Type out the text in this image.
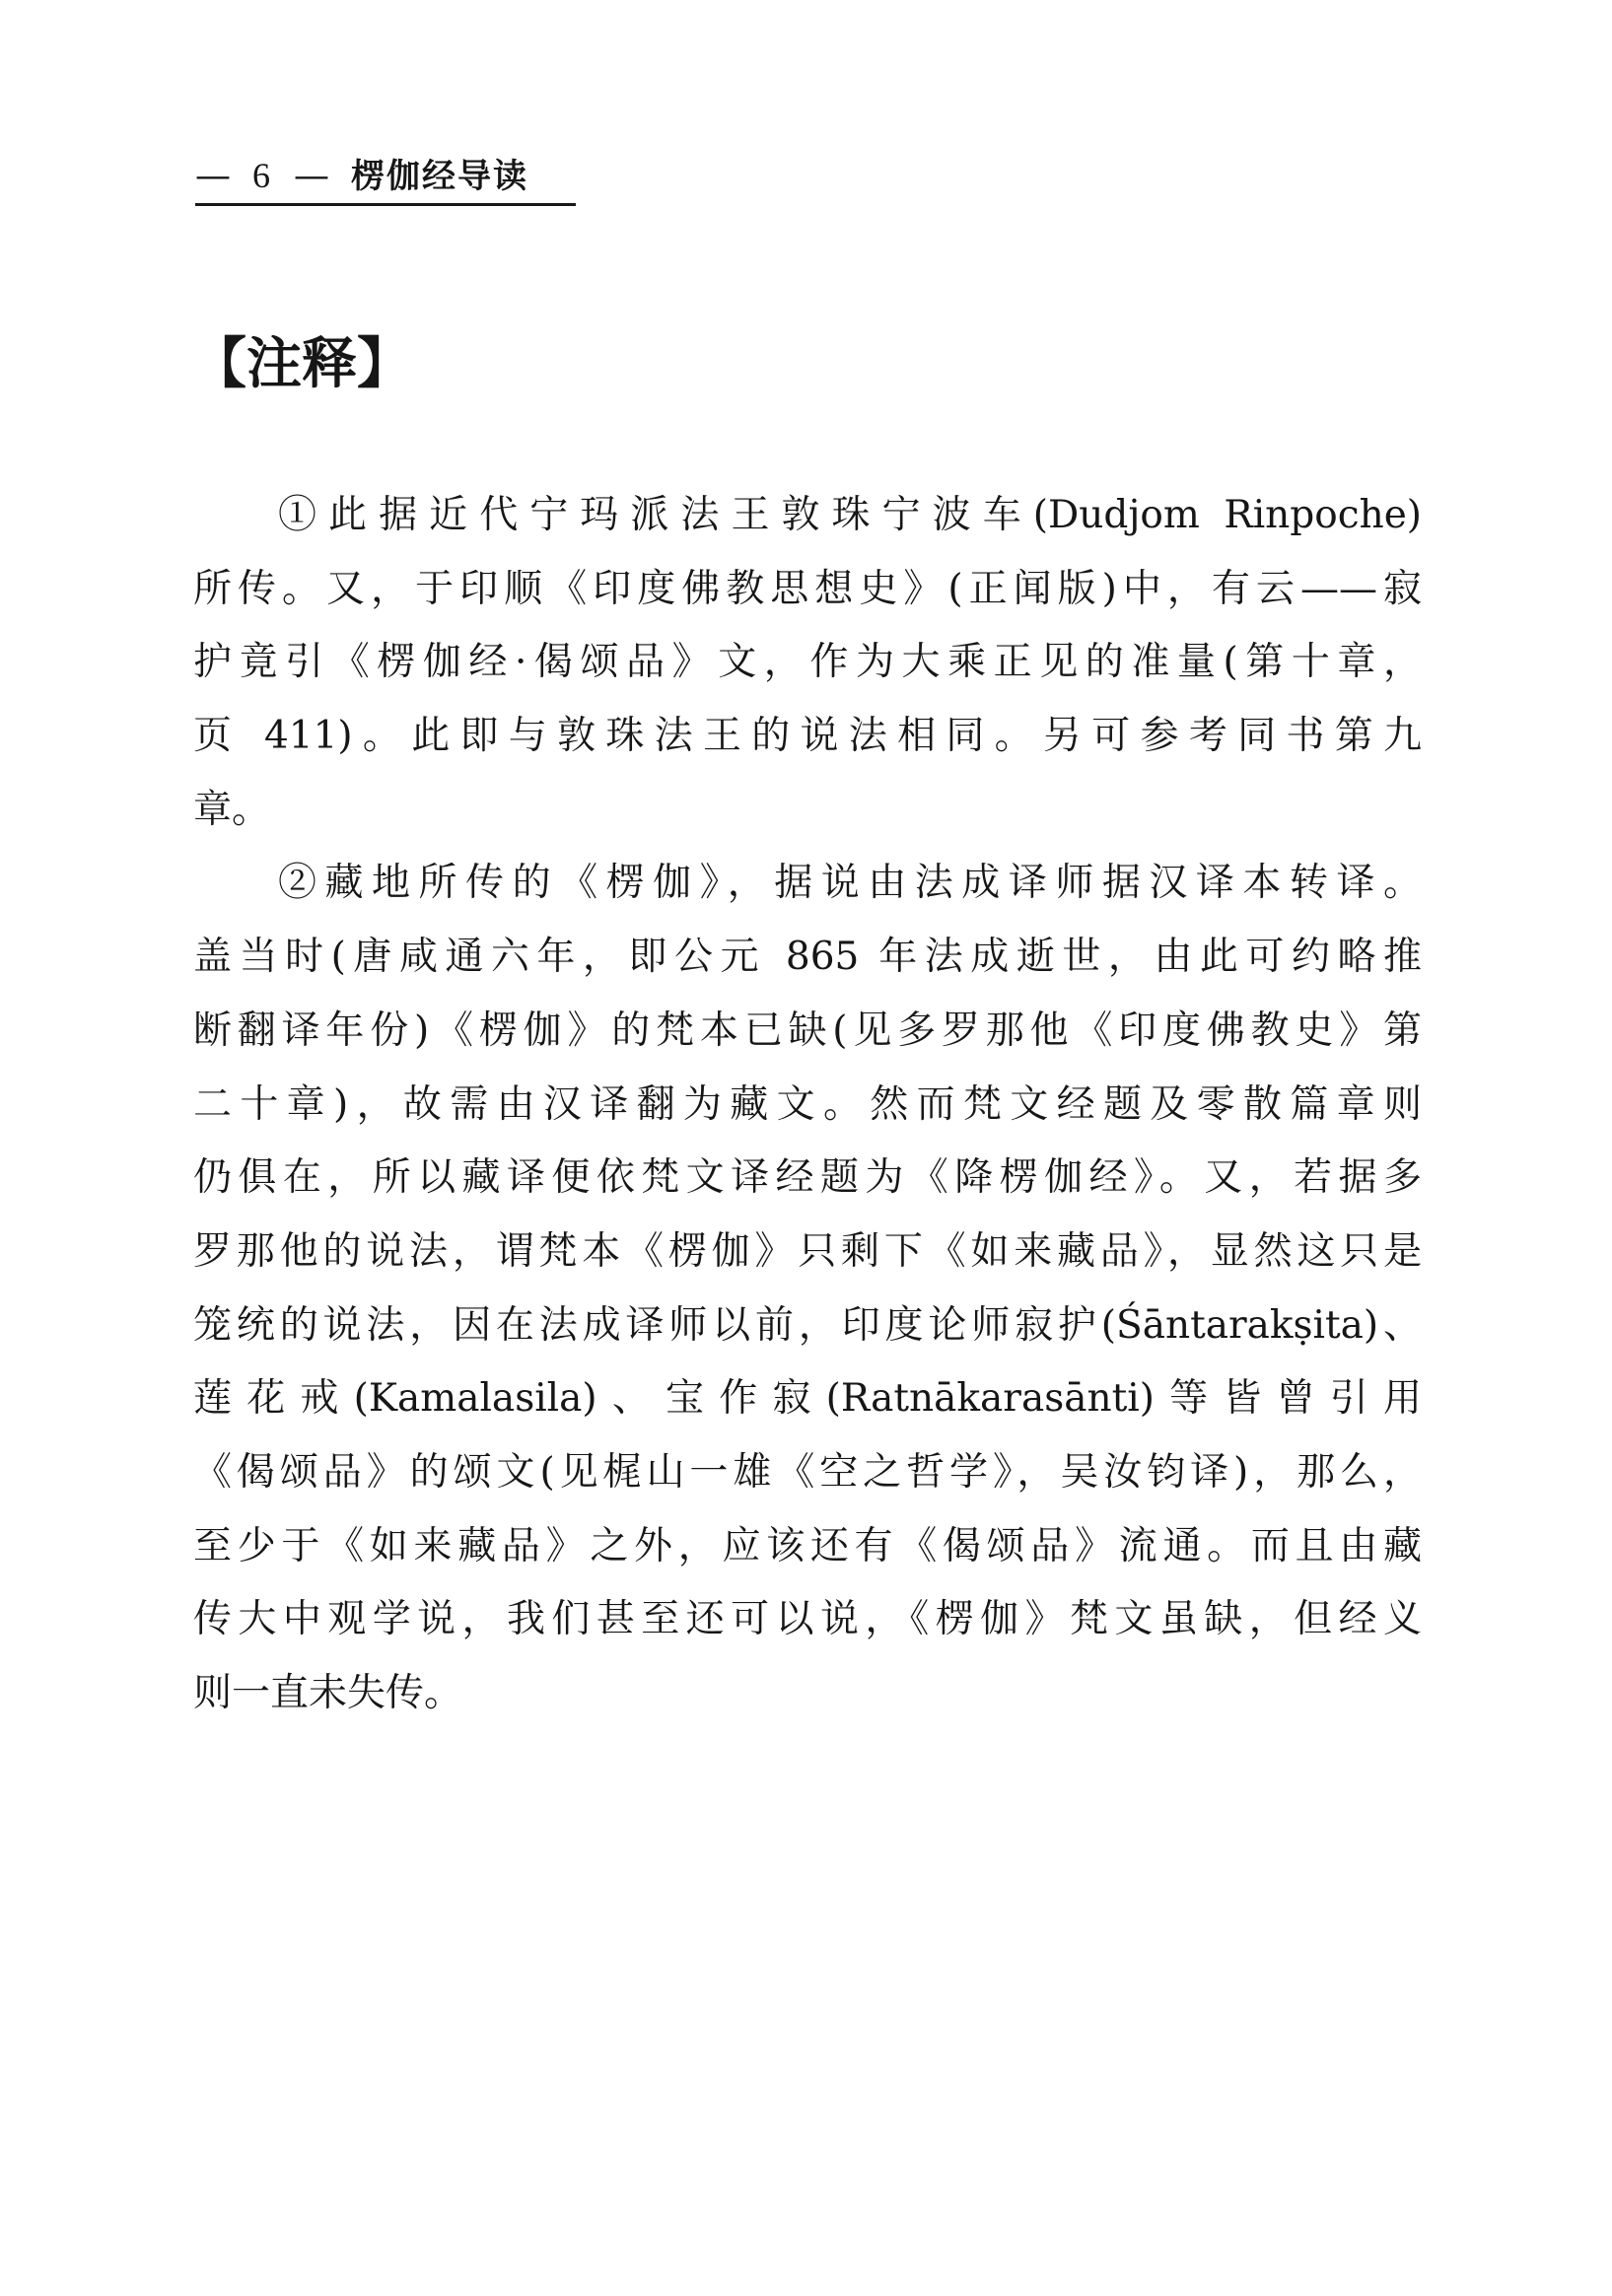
— 6 — 楞伽经导读
【注释】
①此据近代宁玛派法王敦珠宁波车(Dudjom Rinpoche)
所传。又，于印顺《印度佛教思想史》(正闻版)中，有云——寂
护竟引《楞伽经·偈颂品》文，作为大乘正见的准量(第十章，
页 411)。此即与敦珠法王的说法相同。另可参考同书第九
章。
②藏地所传的《楞伽》，据说由法成译师据汉译本转译。
盖当时(唐咸通六年，即公元 865 年法成逝世，由此可约略推
断翻译年份)《楞伽》的梵本已缺(见多罗那他《印度佛教史》第
二十章)，故需由汉译翻为藏文。然而梵文经题及零散篇章则
仍俱在，所以藏译便依梵文译经题为《降楞伽经》。又，若据多
罗那他的说法，谓梵本《楞伽》只剩下《如来藏品》，显然这只是
笼统的说法，因在法成译师以前，印度论师寂护(Śāntarakṣita)、
莲花戒(Kamalasila)、宝作寂(Ratnākarasānti)等皆曾引用
《偈颂品》的颂文(见梶山一雄《空之哲学》，吴汝钧译)，那么，
至少于《如来藏品》之外，应该还有《偈颂品》流通。而且由藏
传大中观学说，我们甚至还可以说，《楞伽》梵文虽缺，但经义
则一直未失传。
